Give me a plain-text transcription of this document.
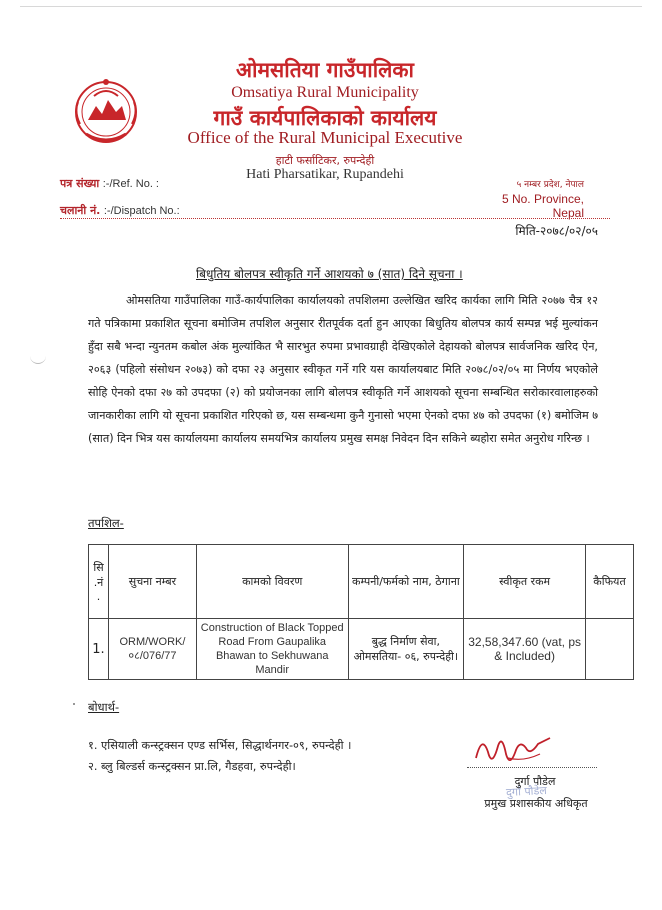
ओमसतिया गाउँपालिका
Omsatiya Rural Municipality
गाउँ कार्यपालिकाको कार्यालय
Office of the Rural Municipal Executive
हाटी फर्साटिकर, रुपन्देही
Hati Pharsatikar, Rupandehi
पत्र संख्या :-/Ref. No. :
चलानी नं. :-/Dispatch No.:
५ नम्बर प्रदेश, नेपाल
5 No. Province, Nepal
मिति-२०७८/०२/०५
बिधुतिय बोलपत्र स्वीकृति गर्ने आशयको ७ (सात) दिने सूचना ।
ओमसतिया गाउँपालिका गाउँ-कार्यपालिका कार्यालयको तपशिलमा उल्लेखित खरिद कार्यका लागि मिति २०७७ चैत्र १२ गते पत्रिकामा प्रकाशित सूचना बमोजिम तपशिल अनुसार रीतपूर्वक दर्ता हुन आएका बिधुतिय बोलपत्र कार्य सम्पन्न भई मुल्यांकन हुँदा सबै भन्दा न्युनतम कबोल अंक मुल्यांकित भै सारभुत रुपमा प्रभावग्राही देखिएकोले देहायको बोलपत्र सार्वजनिक खरिद ऐन, २०६३ (पहिलो संसोधन २०७३) को दफा २३ अनुसार स्वीकृत गर्ने गरि यस कार्यालयबाट मिति २०७८/०२/०५ मा निर्णय भएकोले सोहि ऐनको दफा २७ को उपदफा (२) को प्रयोजनका लागि बोलपत्र स्वीकृति गर्ने आशयको सूचना सम्बन्धित सरोकारवालाहरुको जानकारीका लागि यो सूचना प्रकाशित गरिएको छ, यस सम्बन्धमा कुनै गुनासो भएमा ऐनको दफा ४७ को उपदफा (१) बमोजिम ७ (सात) दिन भित्र यस कार्यालयमा कार्यालय समयभित्र कार्यालय प्रमुख समक्ष निवेदन दिन सकिने ब्यहोरा समेत अनुरोध गरिन्छ ।
तपशिल-
सि .नं .	सुचना नम्बर	कामको विवरण	कम्पनी/फर्मको नाम, ठेगाना	स्वीकृत रकम	कैफियत
1.	ORM/WORK/ ०८/076/77	Construction of Black Topped Road From Gaupalika Bhawan to Sekhuwana Mandir	बुद्ध निर्माण सेवा, ओमसतिया- ०६, रुपन्देही।	32,58,347.60 (vat, ps & Included)	
बोधार्थ-
१. एसियाली कन्स्ट्रक्सन एण्ड सर्भिस, सिद्धार्थनगर-०९, रुपन्देही ।
२. ब्लु बिल्डर्स कन्स्ट्रक्सन प्रा.लि, गैडहवा, रुपन्देही।
दुर्गा पौडेल
दुर्गा पौडेल
प्रमुख प्रशासकीय अधिकृत
